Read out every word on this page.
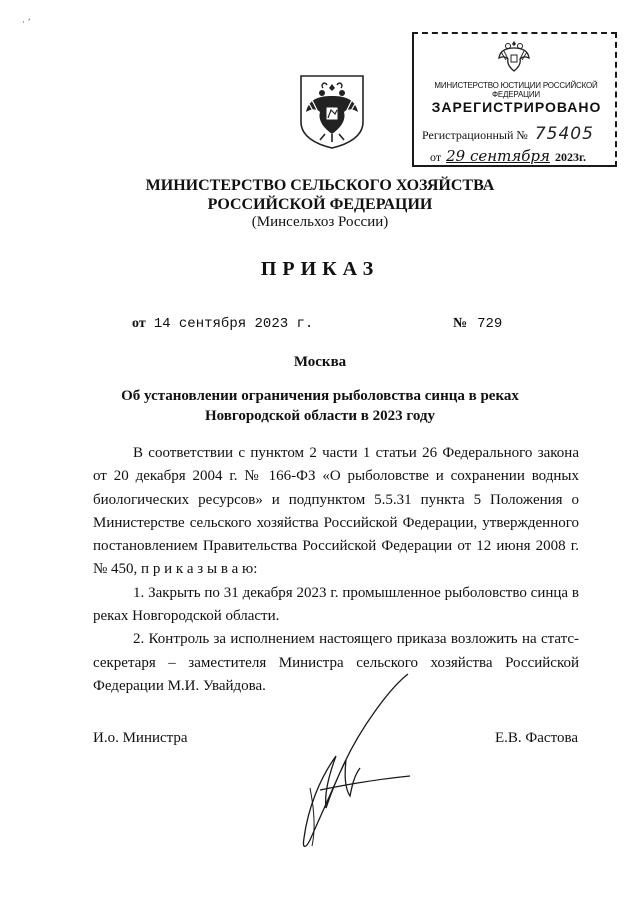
· ʼ
МИНИСТЕРСТВО ЮСТИЦИИ РОССИЙСКОЙ ФЕДЕРАЦИИ
ЗАРЕГИСТРИРОВАНО
Регистрационный № 75405
от 29 сентября 2023г.
МИНИСТЕРСТВО СЕЛЬСКОГО ХОЗЯЙСТВА
РОССИЙСКОЙ ФЕДЕРАЦИИ
(Минсельхоз России)
ПРИКАЗ
от 14 сентября 2023 г.	№ 729
Москва
Об установлении ограничения рыболовства синца в реках
Новгородской области в 2023 году

В соответствии с пунктом 2 части 1 статьи 26 Федерального закона от 20 декабря 2004 г. № 166-ФЗ «О рыболовстве и сохранении водных биологических ресурсов» и подпунктом 5.5.31 пункта 5 Положения о Министерстве сельского хозяйства Российской Федерации, утвержденного постановлением Правительства Российской Федерации от 12 июня 2008 г. № 450, п р и к а з ы в а ю:

1. Закрыть по 31 декабря 2023 г. промышленное рыболовство синца в реках Новгородской области.

2. Контроль за исполнением настоящего приказа возложить на статс-секретаря – заместителя Министра сельского хозяйства Российской Федерации М.И. Увайдова.

И.о. Министра	Е.В. Фастова
